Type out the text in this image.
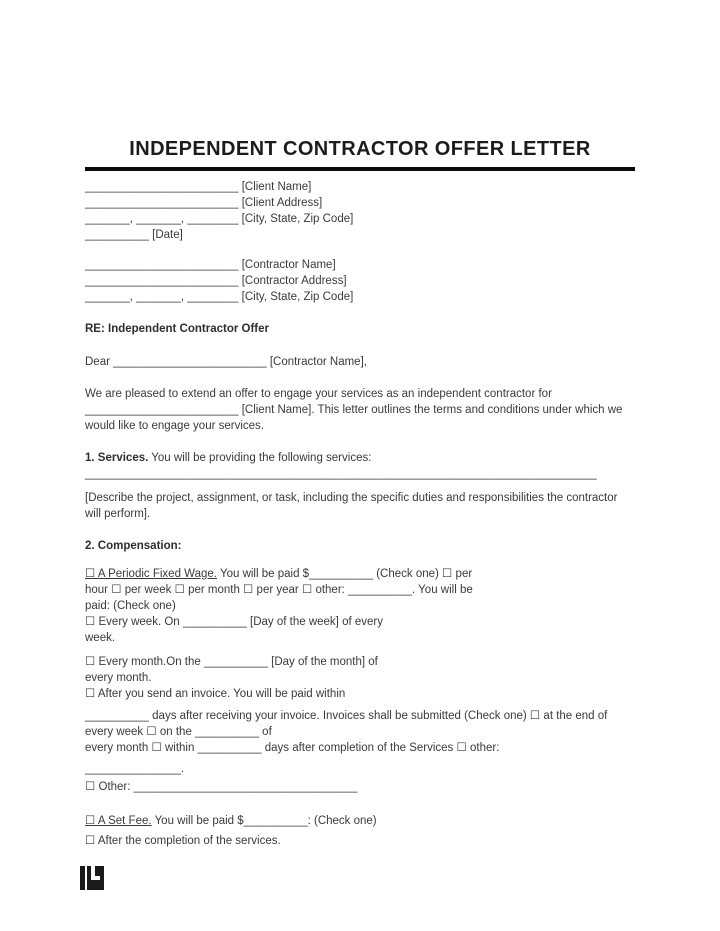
INDEPENDENT CONTRACTOR OFFER LETTER
________________________ [Client Name]
________________________ [Client Address]
_______, _______, ________ [City, State, Zip Code]
__________ [Date]
________________________ [Contractor Name]
________________________ [Contractor Address]
_______, _______, ________ [City, State, Zip Code]
RE: Independent Contractor Offer
Dear ________________________ [Contractor Name],
We are pleased to extend an offer to engage your services as an independent contractor for
________________________ [Client Name]. This letter outlines the terms and conditions under which we
would like to engage your services.
1. Services. You will be providing the following services:
________________________________________________________________________________
[Describe the project, assignment, or task, including the specific duties and responsibilities the contractor
will perform].
2. Compensation:
☐ A Periodic Fixed Wage. You will be paid $__________ (Check one) ☐ per
hour ☐ per week ☐ per month ☐ per year ☐ other: __________. You will be
paid: (Check one)
☐ Every week. On __________ [Day of the week] of every
week.
☐ Every month.On the __________ [Day of the month] of
every month.
☐ After you send an invoice. You will be paid within
__________ days after receiving your invoice. Invoices shall be submitted (Check one) ☐ at the end of
every week ☐ on the __________ of
every month ☐ within __________ days after completion of the Services ☐ other:
_______________.
☐ Other: ___________________________________
☐ A Set Fee. You will be paid $__________: (Check one)
☐ After the completion of the services.
